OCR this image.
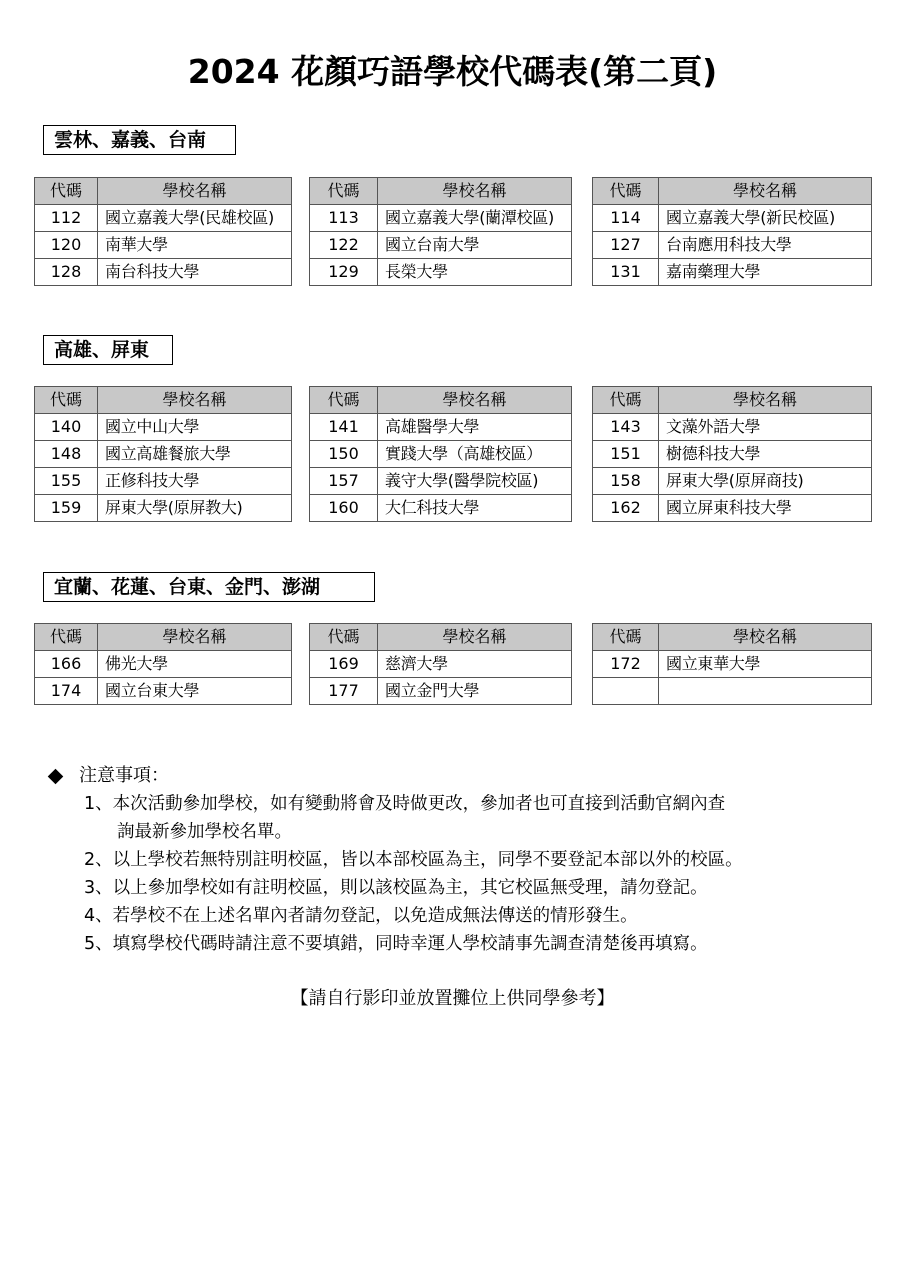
2024 花顏巧語學校代碼表(第二頁)
雲林、嘉義、台南
代碼	學校名稱
112	國立嘉義大學(民雄校區)
120	南華大學
128	南台科技大學
代碼	學校名稱
113	國立嘉義大學(蘭潭校區)
122	國立台南大學
129	長榮大學
代碼	學校名稱
114	國立嘉義大學(新民校區)
127	台南應用科技大學
131	嘉南藥理大學
高雄、屏東
代碼	學校名稱
140	國立中山大學
148	國立高雄餐旅大學
155	正修科技大學
159	屏東大學(原屏教大)
代碼	學校名稱
141	高雄醫學大學
150	實踐大學（高雄校區）
157	義守大學(醫學院校區)
160	大仁科技大學
代碼	學校名稱
143	文藻外語大學
151	樹德科技大學
158	屏東大學(原屏商技)
162	國立屏東科技大學
宜蘭、花蓮、台東、金門、澎湖
代碼	學校名稱
166	佛光大學
174	國立台東大學
代碼	學校名稱
169	慈濟大學
177	國立金門大學
代碼	學校名稱
172	國立東華大學

注意事項：
1、本次活動參加學校，如有變動將會及時做更改，參加者也可直接到活動官網內查
詢最新參加學校名單。
2、以上學校若無特別註明校區，皆以本部校區為主，同學不要登記本部以外的校區。
3、以上參加學校如有註明校區，則以該校區為主，其它校區無受理，請勿登記。
4、若學校不在上述名單內者請勿登記，以免造成無法傳送的情形發生。
5、填寫學校代碼時請注意不要填錯，同時幸運人學校請事先調查清楚後再填寫。
【請自行影印並放置攤位上供同學參考】
